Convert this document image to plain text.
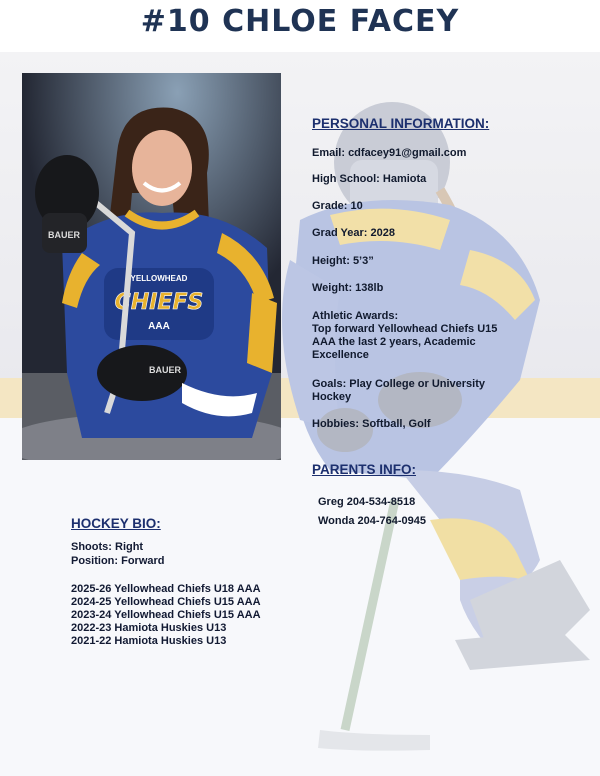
#10 CHLOE FACEY
YELLOWHEAD
CHIEFS
AAA
BAUER
BAUER
PERSONAL INFORMATION:
Email: cdfacey91@gmail.com
High School: Hamiota
Grade: 10
Grad Year: 2028
Height: 5’3”
Weight: 138lb
Athletic Awards:
Top forward Yellowhead Chiefs U15
AAA the last 2 years, Academic
Excellence
Goals: Play College or University
Hockey
Hobbies: Softball, Golf
PARENTS INFO:
Greg 204-534-8518
Wonda 204-764-0945
HOCKEY BIO:
Shoots: Right
Position: Forward
2025-26 Yellowhead Chiefs U18 AAA
2024-25 Yellowhead Chiefs U15 AAA
2023-24 Yellowhead Chiefs U15 AAA
2022-23 Hamiota Huskies U13
2021-22 Hamiota Huskies U13
